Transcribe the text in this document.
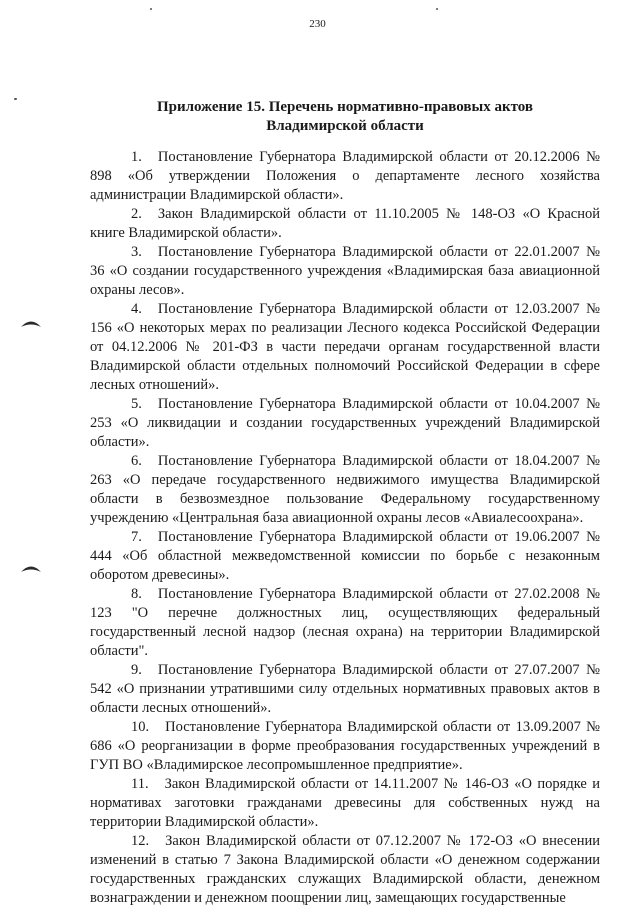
230
Приложение 15. Перечень нормативно-правовых актов
Владимирской области
1. Постановление Губернатора Владимирской области от 20.12.2006 № 898 «Об утверждении Положения о департаменте лесного хозяйства администрации Владимирской области».
2. Закон Владимирской области от 11.10.2005 № 148-ОЗ «О Красной книге Владимирской области».
3. Постановление Губернатора Владимирской области от 22.01.2007 № 36 «О создании государственного учреждения «Владимирская база авиационной охраны лесов».
4. Постановление Губернатора Владимирской области от 12.03.2007 № 156 «О некоторых мерах по реализации Лесного кодекса Российской Федерации от 04.12.2006 № 201-ФЗ в части передачи органам государственной власти Владимирской области отдельных полномочий Российской Федерации в сфере лесных отношений».
5. Постановление Губернатора Владимирской области от 10.04.2007 № 253 «О ликвидации и создании государственных учреждений Владимирской области».
6. Постановление Губернатора Владимирской области от 18.04.2007 № 263 «О передаче государственного недвижимого имущества Владимирской области в безвозмездное пользование Федеральному государственному учреждению «Центральная база авиационной охраны лесов «Авиалесоохрана».
7. Постановление Губернатора Владимирской области от 19.06.2007 № 444 «Об областной межведомственной комиссии по борьбе с незаконным оборотом древесины».
8. Постановление Губернатора Владимирской области от 27.02.2008 № 123 "О перечне должностных лиц, осуществляющих федеральный государственный лесной надзор (лесная охрана) на территории Владимирской области".
9. Постановление Губернатора Владимирской области от 27.07.2007 № 542 «О признании утратившими силу отдельных нормативных правовых актов в области лесных отношений».
10. Постановление Губернатора Владимирской области от 13.09.2007 № 686 «О реорганизации в форме преобразования государственных учреждений в ГУП ВО «Владимирское лесопромышленное предприятие».
11. Закон Владимирской области от 14.11.2007 № 146-ОЗ «О порядке и нормативах заготовки гражданами древесины для собственных нужд на территории Владимирской области».
12. Закон Владимирской области от 07.12.2007 № 172-ОЗ «О внесении изменений в статью 7 Закона Владимирской области «О денежном содержании государственных гражданских служащих Владимирской области, денежном вознаграждении и денежном поощрении лиц, замещающих государственные
